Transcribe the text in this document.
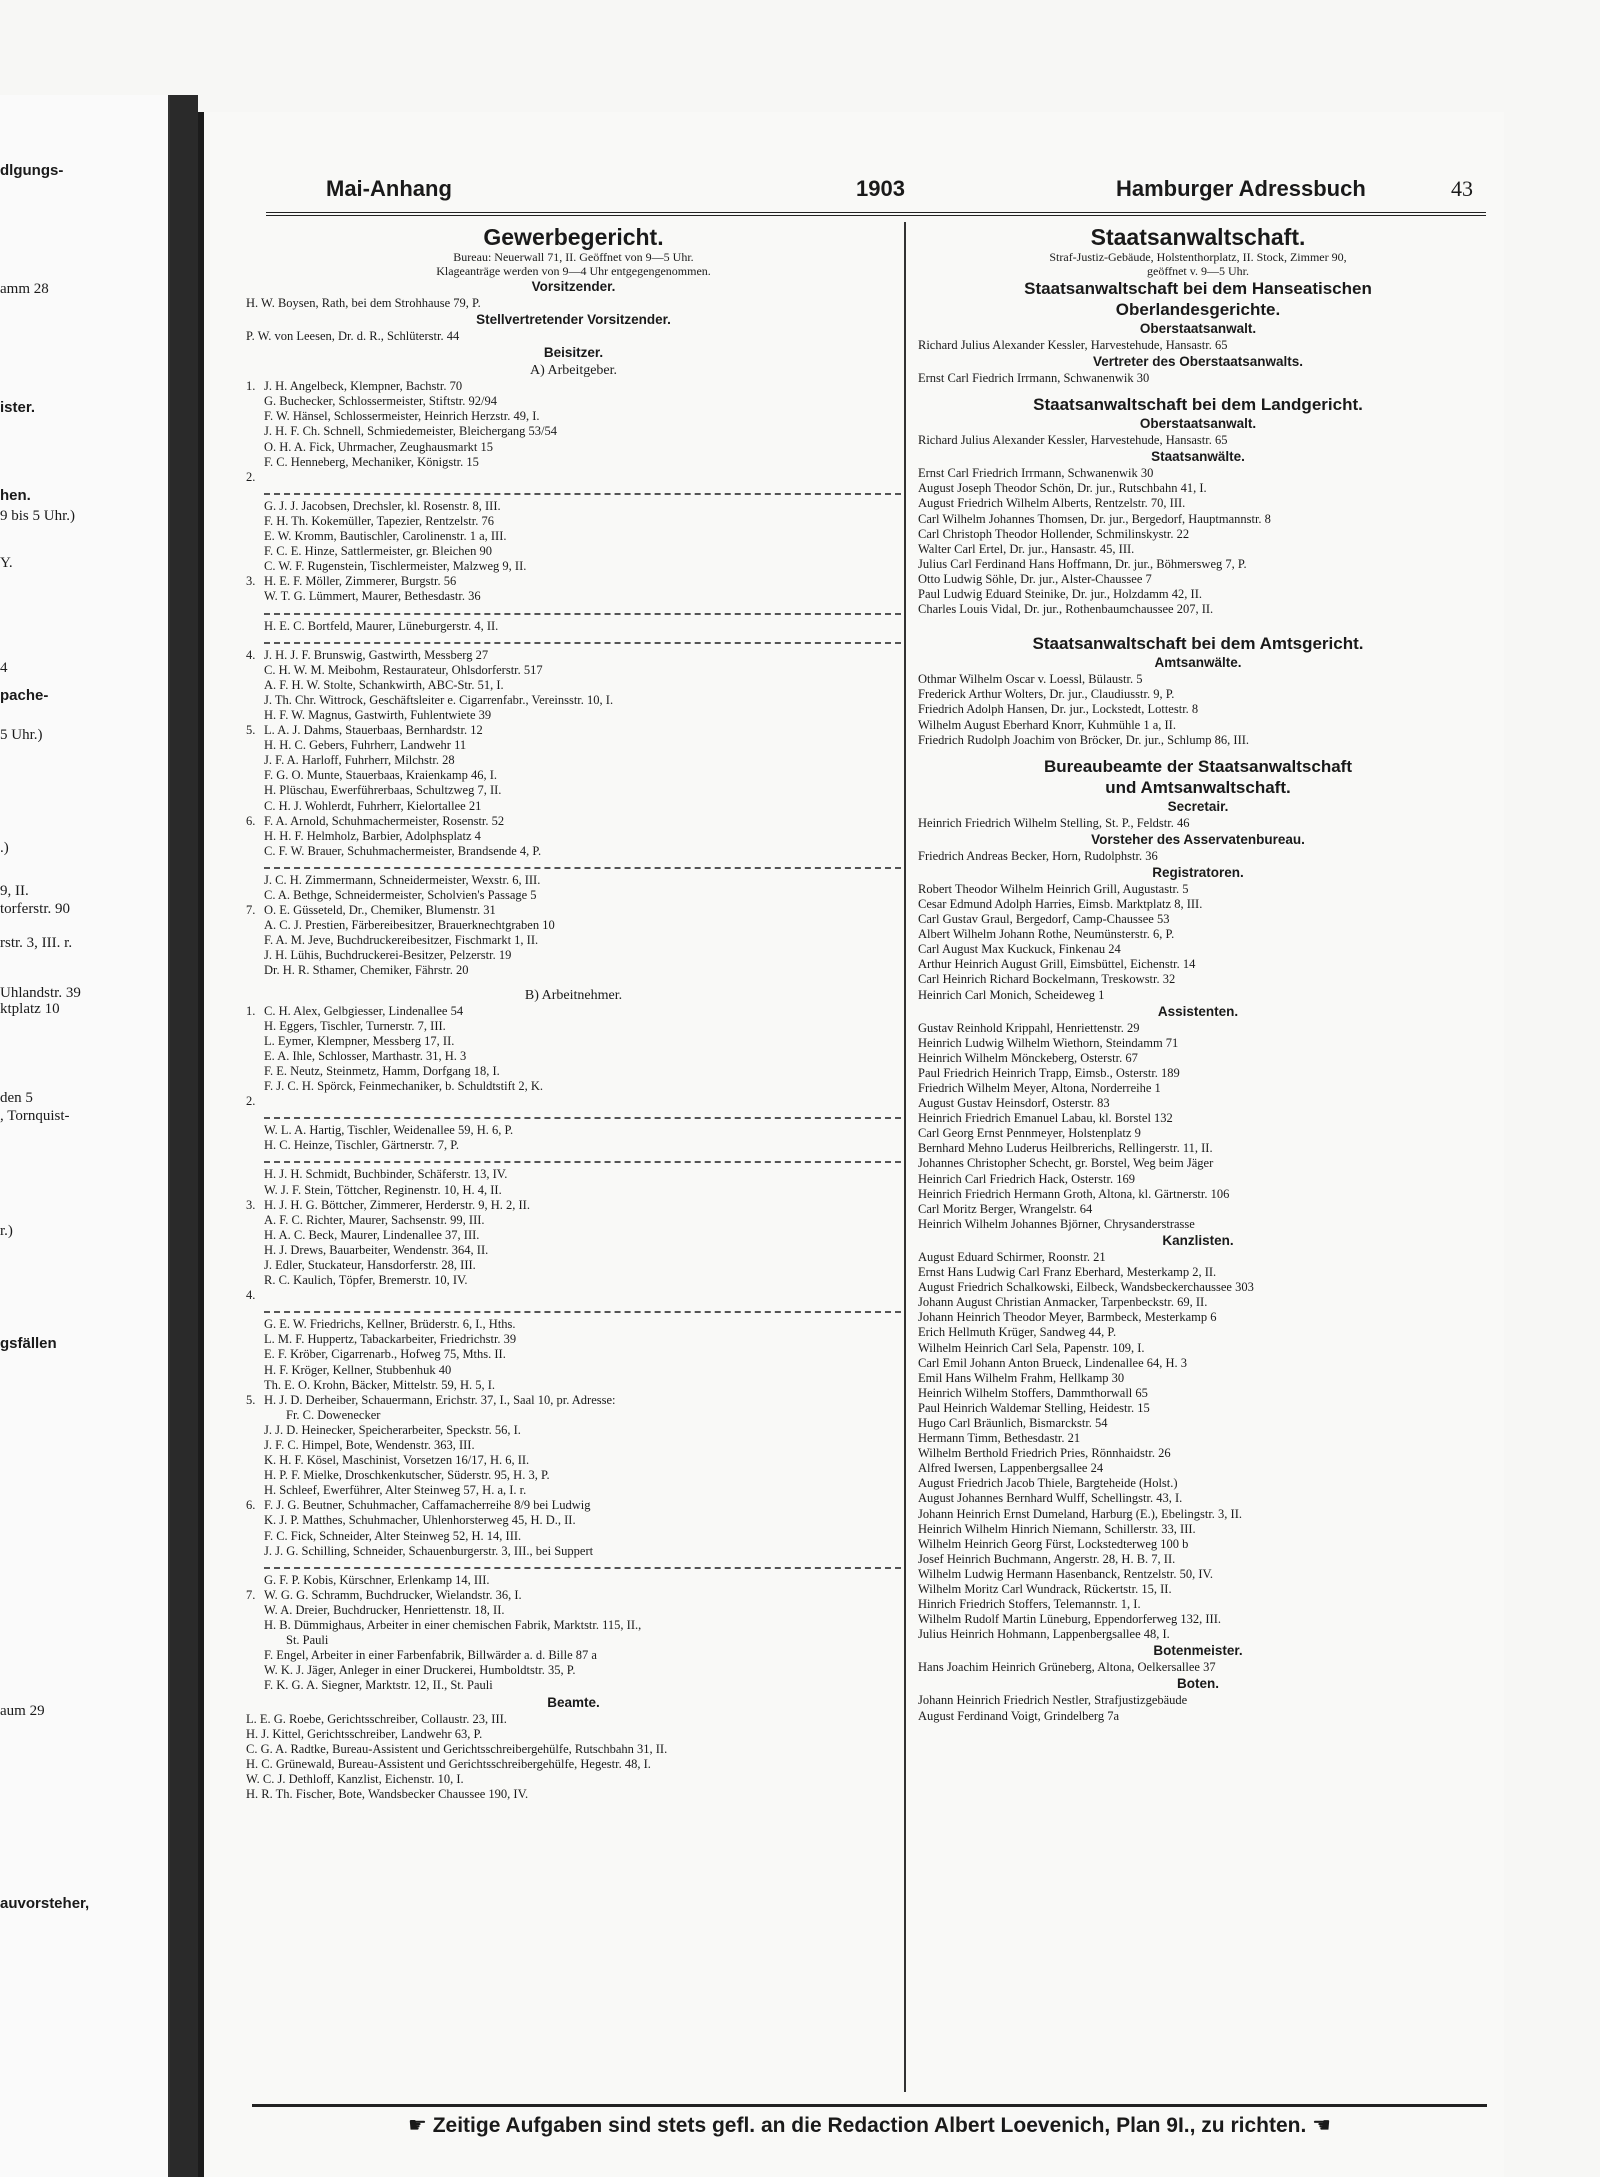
dlgungs-
amm 28
ister.
hen.
9 bis 5 Uhr.)
Y.
4
pache-
5 Uhr.)
.)
9, II.
torferstr. 90
rstr. 3, III. r.
Uhlandstr. 39
ktplatz 10
den 5
, Tornquist-
r.)
gsfällen
aum 29
auvorsteher,
Mai-Anhang	1903	Hamburger Adressbuch	43
Gewerbegericht.
Bureau: Neuerwall 71, II. Geöffnet von 9—5 Uhr.
Klageanträge werden von 9—4 Uhr entgegengenommen.
Vorsitzender.
H. W. Boysen, Rath, bei dem Strohhause 79, P.
Stellvertretender Vorsitzender.
P. W. von Leesen, Dr. d. R., Schlüterstr. 44
Beisitzer.
A) Arbeitgeber.
1. J. H. Angelbeck, Klempner, Bachstr. 70
G. Buchecker, Schlossermeister, Stiftstr. 92/94
F. W. Hänsel, Schlossermeister, Heinrich Herzstr. 49, I.
J. H. F. Ch. Schnell, Schmiedemeister, Bleichergang 53/54
O. H. A. Fick, Uhrmacher, Zeughausmarkt 15
F. C. Henneberg, Mechaniker, Königstr. 15
2.
G. J. J. Jacobsen, Drechsler, kl. Rosenstr. 8, III.
F. H. Th. Kokemüller, Tapezier, Rentzelstr. 76
E. W. Kromm, Bautischler, Carolinenstr. 1 a, III.
F. C. E. Hinze, Sattlermeister, gr. Bleichen 90
C. W. F. Rugenstein, Tischlermeister, Malzweg 9, II.
3. H. E. F. Möller, Zimmerer, Burgstr. 56
W. T. G. Lümmert, Maurer, Bethesdastr. 36
H. E. C. Bortfeld, Maurer, Lüneburgerstr. 4, II.
4. J. H. J. F. Brunswig, Gastwirth, Messberg 27
C. H. W. M. Meibohm, Restaurateur, Ohlsdorferstr. 517
A. F. H. W. Stolte, Schankwirth, ABC-Str. 51, I.
J. Th. Chr. Wittrock, Geschäftsleiter e. Cigarrenfabr., Vereinsstr. 10, I.
H. F. W. Magnus, Gastwirth, Fuhlentwiete 39
5. L. A. J. Dahms, Stauerbaas, Bernhardstr. 12
H. H. C. Gebers, Fuhrherr, Landwehr 11
J. F. A. Harloff, Fuhrherr, Milchstr. 28
F. G. O. Munte, Stauerbaas, Kraienkamp 46, I.
H. Plüschau, Ewerführerbaas, Schultzweg 7, II.
C. H. J. Wohlerdt, Fuhrherr, Kielortallee 21
6. F. A. Arnold, Schuhmachermeister, Rosenstr. 52
H. H. F. Helmholz, Barbier, Adolphsplatz 4
C. F. W. Brauer, Schuhmachermeister, Brandsende 4, P.
J. C. H. Zimmermann, Schneidermeister, Wexstr. 6, III.
C. A. Bethge, Schneidermeister, Scholvien's Passage 5
7. O. E. Güsseteld, Dr., Chemiker, Blumenstr. 31
A. C. J. Prestien, Färbereibesitzer, Brauerknechtgraben 10
F. A. M. Jeve, Buchdruckereibesitzer, Fischmarkt 1, II.
J. H. Lühis, Buchdruckerei-Besitzer, Pelzerstr. 19
Dr. H. R. Sthamer, Chemiker, Fährstr. 20
B) Arbeitnehmer.
1. C. H. Alex, Gelbgiesser, Lindenallee 54
H. Eggers, Tischler, Turnerstr. 7, III.
L. Eymer, Klempner, Messberg 17, II.
E. A. Ihle, Schlosser, Marthastr. 31, H. 3
F. E. Neutz, Steinmetz, Hamm, Dorfgang 18, I.
F. J. C. H. Spörck, Feinmechaniker, b. Schuldtstift 2, K.
2.
W. L. A. Hartig, Tischler, Weidenallee 59, H. 6, P.
H. C. Heinze, Tischler, Gärtnerstr. 7, P.
H. J. H. Schmidt, Buchbinder, Schäferstr. 13, IV.
W. J. F. Stein, Töttcher, Reginenstr. 10, H. 4, II.
3. H. J. H. G. Böttcher, Zimmerer, Herderstr. 9, H. 2, II.
A. F. C. Richter, Maurer, Sachsenstr. 99, III.
H. A. C. Beck, Maurer, Lindenallee 37, III.
H. J. Drews, Bauarbeiter, Wendenstr. 364, II.
J. Edler, Stuckateur, Hansdorferstr. 28, III.
R. C. Kaulich, Töpfer, Bremerstr. 10, IV.
4.
G. E. W. Friedrichs, Kellner, Brüderstr. 6, I., Hths.
L. M. F. Huppertz, Tabackarbeiter, Friedrichstr. 39
E. F. Kröber, Cigarrenarb., Hofweg 75, Mths. II.
H. F. Kröger, Kellner, Stubbenhuk 40
Th. E. O. Krohn, Bäcker, Mittelstr. 59, H. 5, I.
5. H. J. D. Derheiber, Schauermann, Erichstr. 37, I., Saal 10, pr. Adresse:
Fr. C. Dowenecker
J. J. D. Heinecker, Speicherarbeiter, Speckstr. 56, I.
J. F. C. Himpel, Bote, Wendenstr. 363, III.
K. H. F. Kösel, Maschinist, Vorsetzen 16/17, H. 6, II.
H. P. F. Mielke, Droschkenkutscher, Süderstr. 95, H. 3, P.
H. Schleef, Ewerführer, Alter Steinweg 57, H. a, I. r.
6. F. J. G. Beutner, Schuhmacher, Caffamacherreihe 8/9 bei Ludwig
K. J. P. Matthes, Schuhmacher, Uhlenhorsterweg 45, H. D., II.
F. C. Fick, Schneider, Alter Steinweg 52, H. 14, III.
J. J. G. Schilling, Schneider, Schauenburgerstr. 3, III., bei Suppert
G. F. P. Kobis, Kürschner, Erlenkamp 14, III.
7. W. G. G. Schramm, Buchdrucker, Wielandstr. 36, I.
W. A. Dreier, Buchdrucker, Henriettenstr. 18, II.
H. B. Dümmighaus, Arbeiter in einer chemischen Fabrik, Marktstr. 115, II.,
St. Pauli
F. Engel, Arbeiter in einer Farbenfabrik, Billwärder a. d. Bille 87 a
W. K. J. Jäger, Anleger in einer Druckerei, Humboldtstr. 35, P.
F. K. G. A. Siegner, Marktstr. 12, II., St. Pauli
Beamte.
L. E. G. Roebe, Gerichtsschreiber, Collaustr. 23, III.
H. J. Kittel, Gerichtsschreiber, Landwehr 63, P.
C. G. A. Radtke, Bureau-Assistent und Gerichtsschreibergehülfe, Rutschbahn 31, II.
H. C. Grünewald, Bureau-Assistent und Gerichtsschreibergehülfe, Hegestr. 48, I.
W. C. J. Dethloff, Kanzlist, Eichenstr. 10, I.
H. R. Th. Fischer, Bote, Wandsbecker Chaussee 190, IV.
Staatsanwaltschaft.
Straf-Justiz-Gebäude, Holstenthorplatz, II. Stock, Zimmer 90,
geöffnet v. 9—5 Uhr.
Staatsanwaltschaft bei dem Hanseatischen
Oberlandesgerichte.
Oberstaatsanwalt.
Richard Julius Alexander Kessler, Harvestehude, Hansastr. 65
Vertreter des Oberstaatsanwalts.
Ernst Carl Fiedrich Irrmann, Schwanenwik 30
Staatsanwaltschaft bei dem Landgericht.
Oberstaatsanwalt.
Richard Julius Alexander Kessler, Harvestehude, Hansastr. 65
Staatsanwälte.
Ernst Carl Friedrich Irrmann, Schwanenwik 30
August Joseph Theodor Schön, Dr. jur., Rutschbahn 41, I.
August Friedrich Wilhelm Alberts, Rentzelstr. 70, III.
Carl Wilhelm Johannes Thomsen, Dr. jur., Bergedorf, Hauptmannstr. 8
Carl Christoph Theodor Hollender, Schmilinskystr. 22
Walter Carl Ertel, Dr. jur., Hansastr. 45, III.
Julius Carl Ferdinand Hans Hoffmann, Dr. jur., Böhmersweg 7, P.
Otto Ludwig Söhle, Dr. jur., Alster-Chaussee 7
Paul Ludwig Eduard Steinike, Dr. jur., Holzdamm 42, II.
Charles Louis Vidal, Dr. jur., Rothenbaumchaussee 207, II.
Staatsanwaltschaft bei dem Amtsgericht.
Amtsanwälte.
Othmar Wilhelm Oscar v. Loessl, Bülaustr. 5
Frederick Arthur Wolters, Dr. jur., Claudiusstr. 9, P.
Friedrich Adolph Hansen, Dr. jur., Lockstedt, Lottestr. 8
Wilhelm August Eberhard Knorr, Kuhmühle 1 a, II.
Friedrich Rudolph Joachim von Bröcker, Dr. jur., Schlump 86, III.
Bureaubeamte der Staatsanwaltschaft
und Amtsanwaltschaft.
Secretair.
Heinrich Friedrich Wilhelm Stelling, St. P., Feldstr. 46
Vorsteher des Asservatenbureau.
Friedrich Andreas Becker, Horn, Rudolphstr. 36
Registratoren.
Robert Theodor Wilhelm Heinrich Grill, Augustastr. 5
Cesar Edmund Adolph Harries, Eimsb. Marktplatz 8, III.
Carl Gustav Graul, Bergedorf, Camp-Chaussee 53
Albert Wilhelm Johann Rothe, Neumünsterstr. 6, P.
Carl August Max Kuckuck, Finkenau 24
Arthur Heinrich August Grill, Eimsbüttel, Eichenstr. 14
Carl Heinrich Richard Bockelmann, Treskowstr. 32
Heinrich Carl Monich, Scheideweg 1
Assistenten.
Gustav Reinhold Krippahl, Henriettenstr. 29
Heinrich Ludwig Wilhelm Wiethorn, Steindamm 71
Heinrich Wilhelm Mönckeberg, Osterstr. 67
Paul Friedrich Heinrich Trapp, Eimsb., Osterstr. 189
Friedrich Wilhelm Meyer, Altona, Norderreihe 1
August Gustav Heinsdorf, Osterstr. 83
Heinrich Friedrich Emanuel Labau, kl. Borstel 132
Carl Georg Ernst Pennmeyer, Holstenplatz 9
Bernhard Mehno Luderus Heilbrerichs, Rellingerstr. 11, II.
Johannes Christopher Schecht, gr. Borstel, Weg beim Jäger
Heinrich Carl Friedrich Hack, Osterstr. 169
Heinrich Friedrich Hermann Groth, Altona, kl. Gärtnerstr. 106
Carl Moritz Berger, Wrangelstr. 64
Heinrich Wilhelm Johannes Björner, Chrysanderstrasse
Kanzlisten.
August Eduard Schirmer, Roonstr. 21
Ernst Hans Ludwig Carl Franz Eberhard, Mesterkamp 2, II.
August Friedrich Schalkowski, Eilbeck, Wandsbeckerchaussee 303
Johann August Christian Anmacker, Tarpenbeckstr. 69, II.
Johann Heinrich Theodor Meyer, Barmbeck, Mesterkamp 6
Erich Hellmuth Krüger, Sandweg 44, P.
Wilhelm Heinrich Carl Sela, Papenstr. 109, I.
Carl Emil Johann Anton Brueck, Lindenallee 64, H. 3
Emil Hans Wilhelm Frahm, Hellkamp 30
Heinrich Wilhelm Stoffers, Dammthorwall 65
Paul Heinrich Waldemar Stelling, Heidestr. 15
Hugo Carl Bräunlich, Bismarckstr. 54
Hermann Timm, Bethesdastr. 21
Wilhelm Berthold Friedrich Pries, Rönnhaidstr. 26
Alfred Iwersen, Lappenbergsallee 24
August Friedrich Jacob Thiele, Bargteheide (Holst.)
August Johannes Bernhard Wulff, Schellingstr. 43, I.
Johann Heinrich Ernst Dumeland, Harburg (E.), Ebelingstr. 3, II.
Heinrich Wilhelm Hinrich Niemann, Schillerstr. 33, III.
Wilhelm Heinrich Georg Fürst, Lockstedterweg 100 b
Josef Heinrich Buchmann, Angerstr. 28, H. B. 7, II.
Wilhelm Ludwig Hermann Hasenbanck, Rentzelstr. 50, IV.
Wilhelm Moritz Carl Wundrack, Rückertstr. 15, II.
Hinrich Friedrich Stoffers, Telemannstr. 1, I.
Wilhelm Rudolf Martin Lüneburg, Eppendorferweg 132, III.
Julius Heinrich Hohmann, Lappenbergsallee 48, I.
Botenmeister.
Hans Joachim Heinrich Grüneberg, Altona, Oelkersallee 37
Boten.
Johann Heinrich Friedrich Nestler, Strafjustizgebäude
August Ferdinand Voigt, Grindelberg 7a
☛ Zeitige Aufgaben sind stets gefl. an die Redaction Albert Loevenich, Plan 9I., zu richten. ☚
